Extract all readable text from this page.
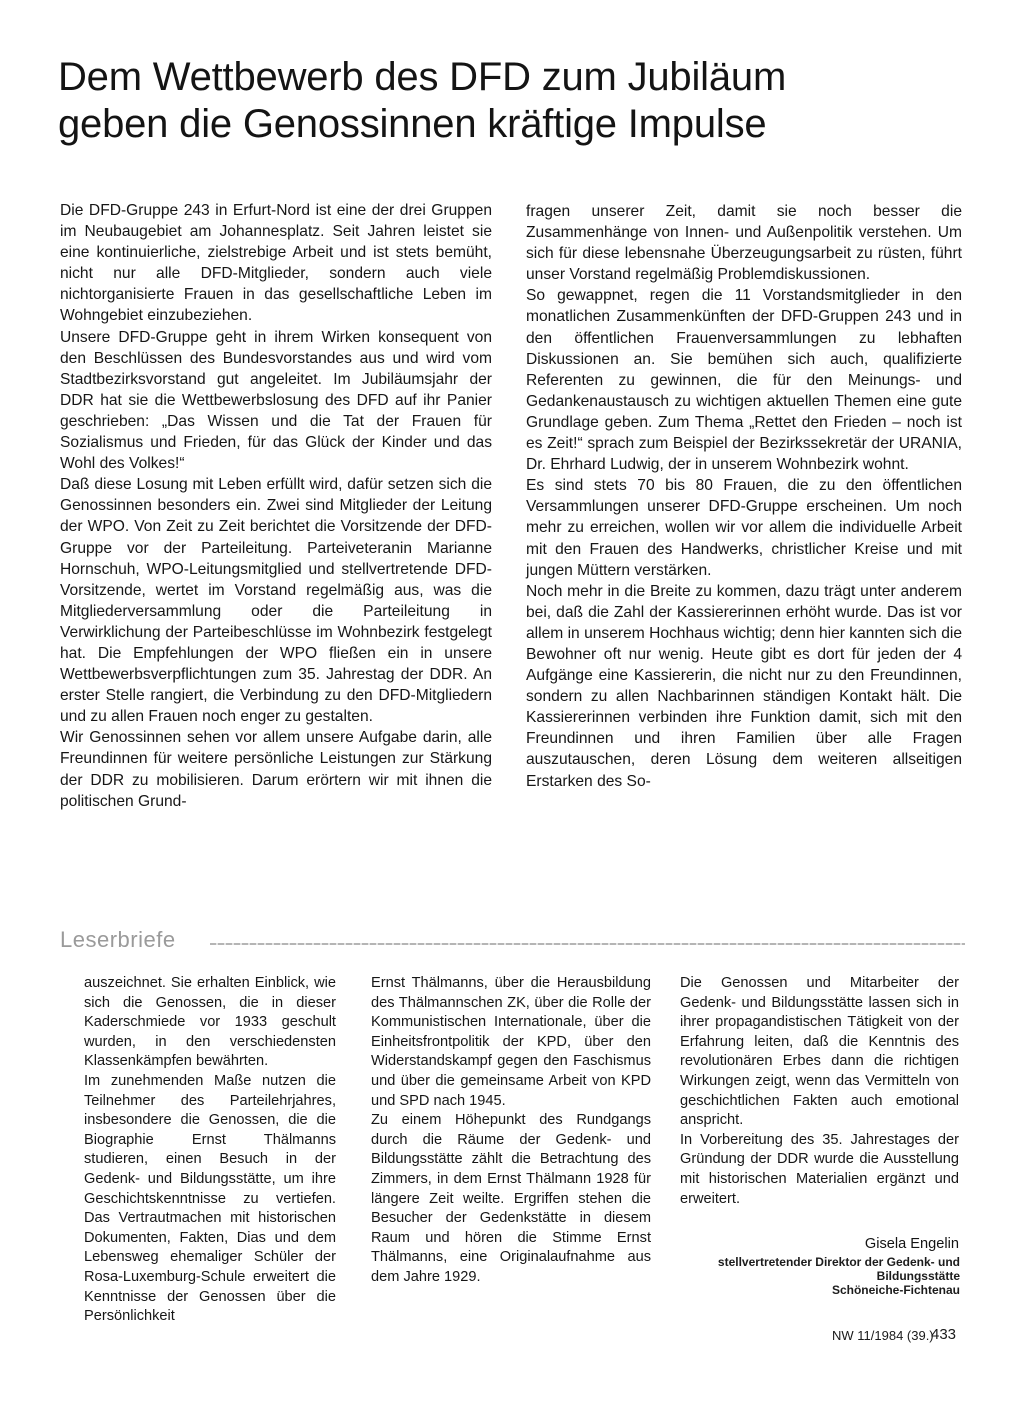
Dem Wettbewerb des DFD zum Jubiläum
geben die Genossinnen kräftige Impulse

Die DFD-Gruppe 243 in Erfurt-Nord ist eine der drei Gruppen im Neubaugebiet am Johannesplatz. Seit Jahren leistet sie eine kontinuierliche, zielstrebige Arbeit und ist stets bemüht, nicht nur alle DFD-Mitglieder, sondern auch viele nichtorganisierte Frauen in das gesellschaftliche Leben im Wohngebiet einzubeziehen.

Unsere DFD-Gruppe geht in ihrem Wirken konsequent von den Beschlüssen des Bundesvorstandes aus und wird vom Stadtbezirksvorstand gut angeleitet. Im Jubiläumsjahr der DDR hat sie die Wettbewerbslosung des DFD auf ihr Panier geschrieben: „Das Wissen und die Tat der Frauen für Sozialismus und Frieden, für das Glück der Kinder und das Wohl des Volkes!“

Daß diese Losung mit Leben erfüllt wird, dafür setzen sich die Genossinnen besonders ein. Zwei sind Mitglieder der Leitung der WPO. Von Zeit zu Zeit berichtet die Vorsitzende der DFD-Gruppe vor der Parteileitung. Parteiveteranin Marianne Hornschuh, WPO-Leitungsmitglied und stellvertretende DFD-Vorsitzende, wertet im Vorstand regelmäßig aus, was die Mitgliederversammlung oder die Parteileitung in Verwirklichung der Parteibeschlüsse im Wohnbezirk festgelegt hat. Die Empfehlungen der WPO fließen ein in unsere Wettbewerbsverpflichtungen zum 35. Jahrestag der DDR. An erster Stelle rangiert, die Verbindung zu den DFD-Mitgliedern und zu allen Frauen noch enger zu gestalten.

Wir Genossinnen sehen vor allem unsere Aufgabe darin, alle Freundinnen für weitere persönliche Leistungen zur Stärkung der DDR zu mobilisieren. Darum erörtern wir mit ihnen die politischen Grund-

fragen unserer Zeit, damit sie noch besser die Zusammenhänge von Innen- und Außenpolitik verstehen. Um sich für diese lebensnahe Überzeugungsarbeit zu rüsten, führt unser Vorstand regelmäßig Problemdiskussionen.

So gewappnet, regen die 11 Vorstandsmitglieder in den monatlichen Zusammenkünften der DFD-Gruppen 243 und in den öffentlichen Frauenversammlungen zu lebhaften Diskussionen an. Sie bemühen sich auch, qualifizierte Referenten zu gewinnen, die für den Meinungs- und Gedankenaustausch zu wichtigen aktuellen Themen eine gute Grundlage geben. Zum Thema „Rettet den Frieden – noch ist es Zeit!“ sprach zum Beispiel der Bezirkssekretär der URANIA, Dr. Ehrhard Ludwig, der in unserem Wohnbezirk wohnt.

Es sind stets 70 bis 80 Frauen, die zu den öffentlichen Versammlungen unserer DFD-Gruppe erscheinen. Um noch mehr zu erreichen, wollen wir vor allem die individuelle Arbeit mit den Frauen des Handwerks, christlicher Kreise und mit jungen Müttern verstärken.

Noch mehr in die Breite zu kommen, dazu trägt unter anderem bei, daß die Zahl der Kassiererinnen erhöht wurde. Das ist vor allem in unserem Hochhaus wichtig; denn hier kannten sich die Bewohner oft nur wenig. Heute gibt es dort für jeden der 4 Aufgänge eine Kassiererin, die nicht nur zu den Freundinnen, sondern zu allen Nachbarinnen ständigen Kontakt hält. Die Kassiererinnen verbinden ihre Funktion damit, sich mit den Freundinnen und ihren Familien über alle Fragen auszutauschen, deren Lösung dem weiteren allseitigen Erstarken des So-

Leserbriefe

auszeichnet. Sie erhalten Einblick, wie sich die Genossen, die in dieser Kaderschmiede vor 1933 geschult wurden, in den verschiedensten Klassenkämpfen bewährten.

Im zunehmenden Maße nutzen die Teilnehmer des Parteilehrjahres, insbesondere die Genossen, die die Biographie Ernst Thälmanns studieren, einen Besuch in der Gedenk- und Bildungsstätte, um ihre Geschichtskenntnisse zu vertiefen. Das Vertrautmachen mit historischen Dokumenten, Fakten, Dias und dem Lebensweg ehemaliger Schüler der Rosa-Luxemburg-Schule erweitert die Kenntnisse der Genossen über die Persönlichkeit

Ernst Thälmanns, über die Herausbildung des Thälmannschen ZK, über die Rolle der Kommunistischen Internationale, über die Einheitsfrontpolitik der KPD, über den Widerstandskampf gegen den Faschismus und über die gemeinsame Arbeit von KPD und SPD nach 1945.

Zu einem Höhepunkt des Rundgangs durch die Räume der Gedenk- und Bildungsstätte zählt die Betrachtung des Zimmers, in dem Ernst Thälmann 1928 für längere Zeit weilte. Ergriffen stehen die Besucher der Gedenkstätte in diesem Raum und hören die Stimme Ernst Thälmanns, eine Originalaufnahme aus dem Jahre 1929.

Die Genossen und Mitarbeiter der Gedenk- und Bildungsstätte lassen sich in ihrer propagandistischen Tätigkeit von der Erfahrung leiten, daß die Kenntnis des revolutionären Erbes dann die richtigen Wirkungen zeigt, wenn das Vermitteln von geschichtlichen Fakten auch emotional anspricht.

In Vorbereitung des 35. Jahrestages der Gründung der DDR wurde die Ausstellung mit historischen Materialien ergänzt und erweitert.

Gisela Engelin
stellvertretender Direktor der Gedenk- und
Bildungsstätte
Schöneiche-Fichtenau
NW 11/1984 (39.)
433
